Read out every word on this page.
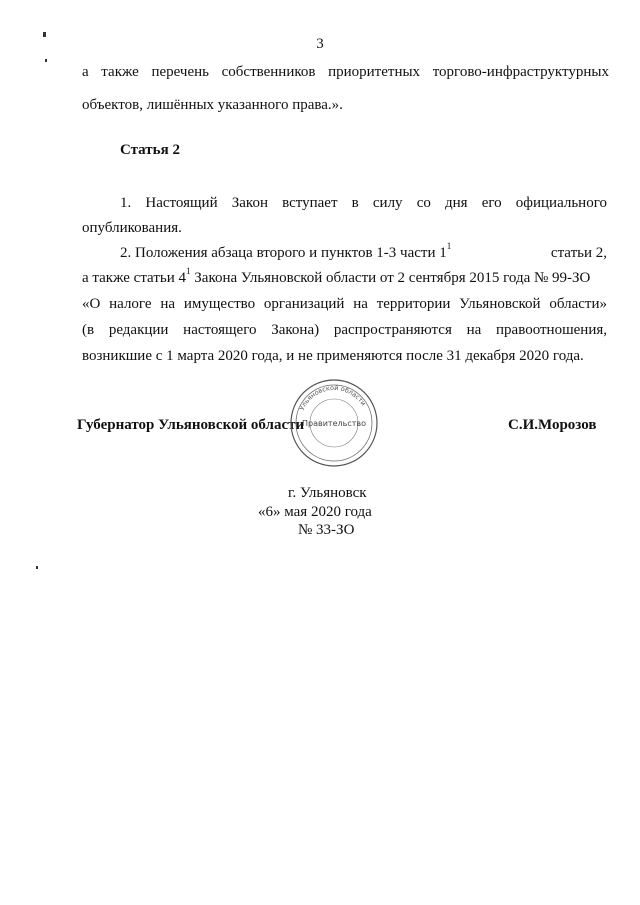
3
а также перечень собственников приоритетных торгово-инфраструктурных
объектов, лишённых указанного права.».
Статья 2
1. Настоящий Закон вступает в силу со дня его официального
опубликования.
2. Положения абзаца второго и пунктов 1-3 части $1^1$	статьи 2,
а также статьи $4^1$ Закона Ульяновской области от 2 сентября 2015 года № 99-ЗО
«О налоге на имущество организаций на территории Ульяновской области»
(в редакции настоящего Закона) распространяются на правоотношения,
возникшие с 1 марта 2020 года, и не применяются после 31 декабря 2020 года.
Губернатор Ульяновской области	С.И.Морозов
Ульяновской области
Правительство
г. Ульяновск
«6» мая 2020 года
№ 33-ЗО
